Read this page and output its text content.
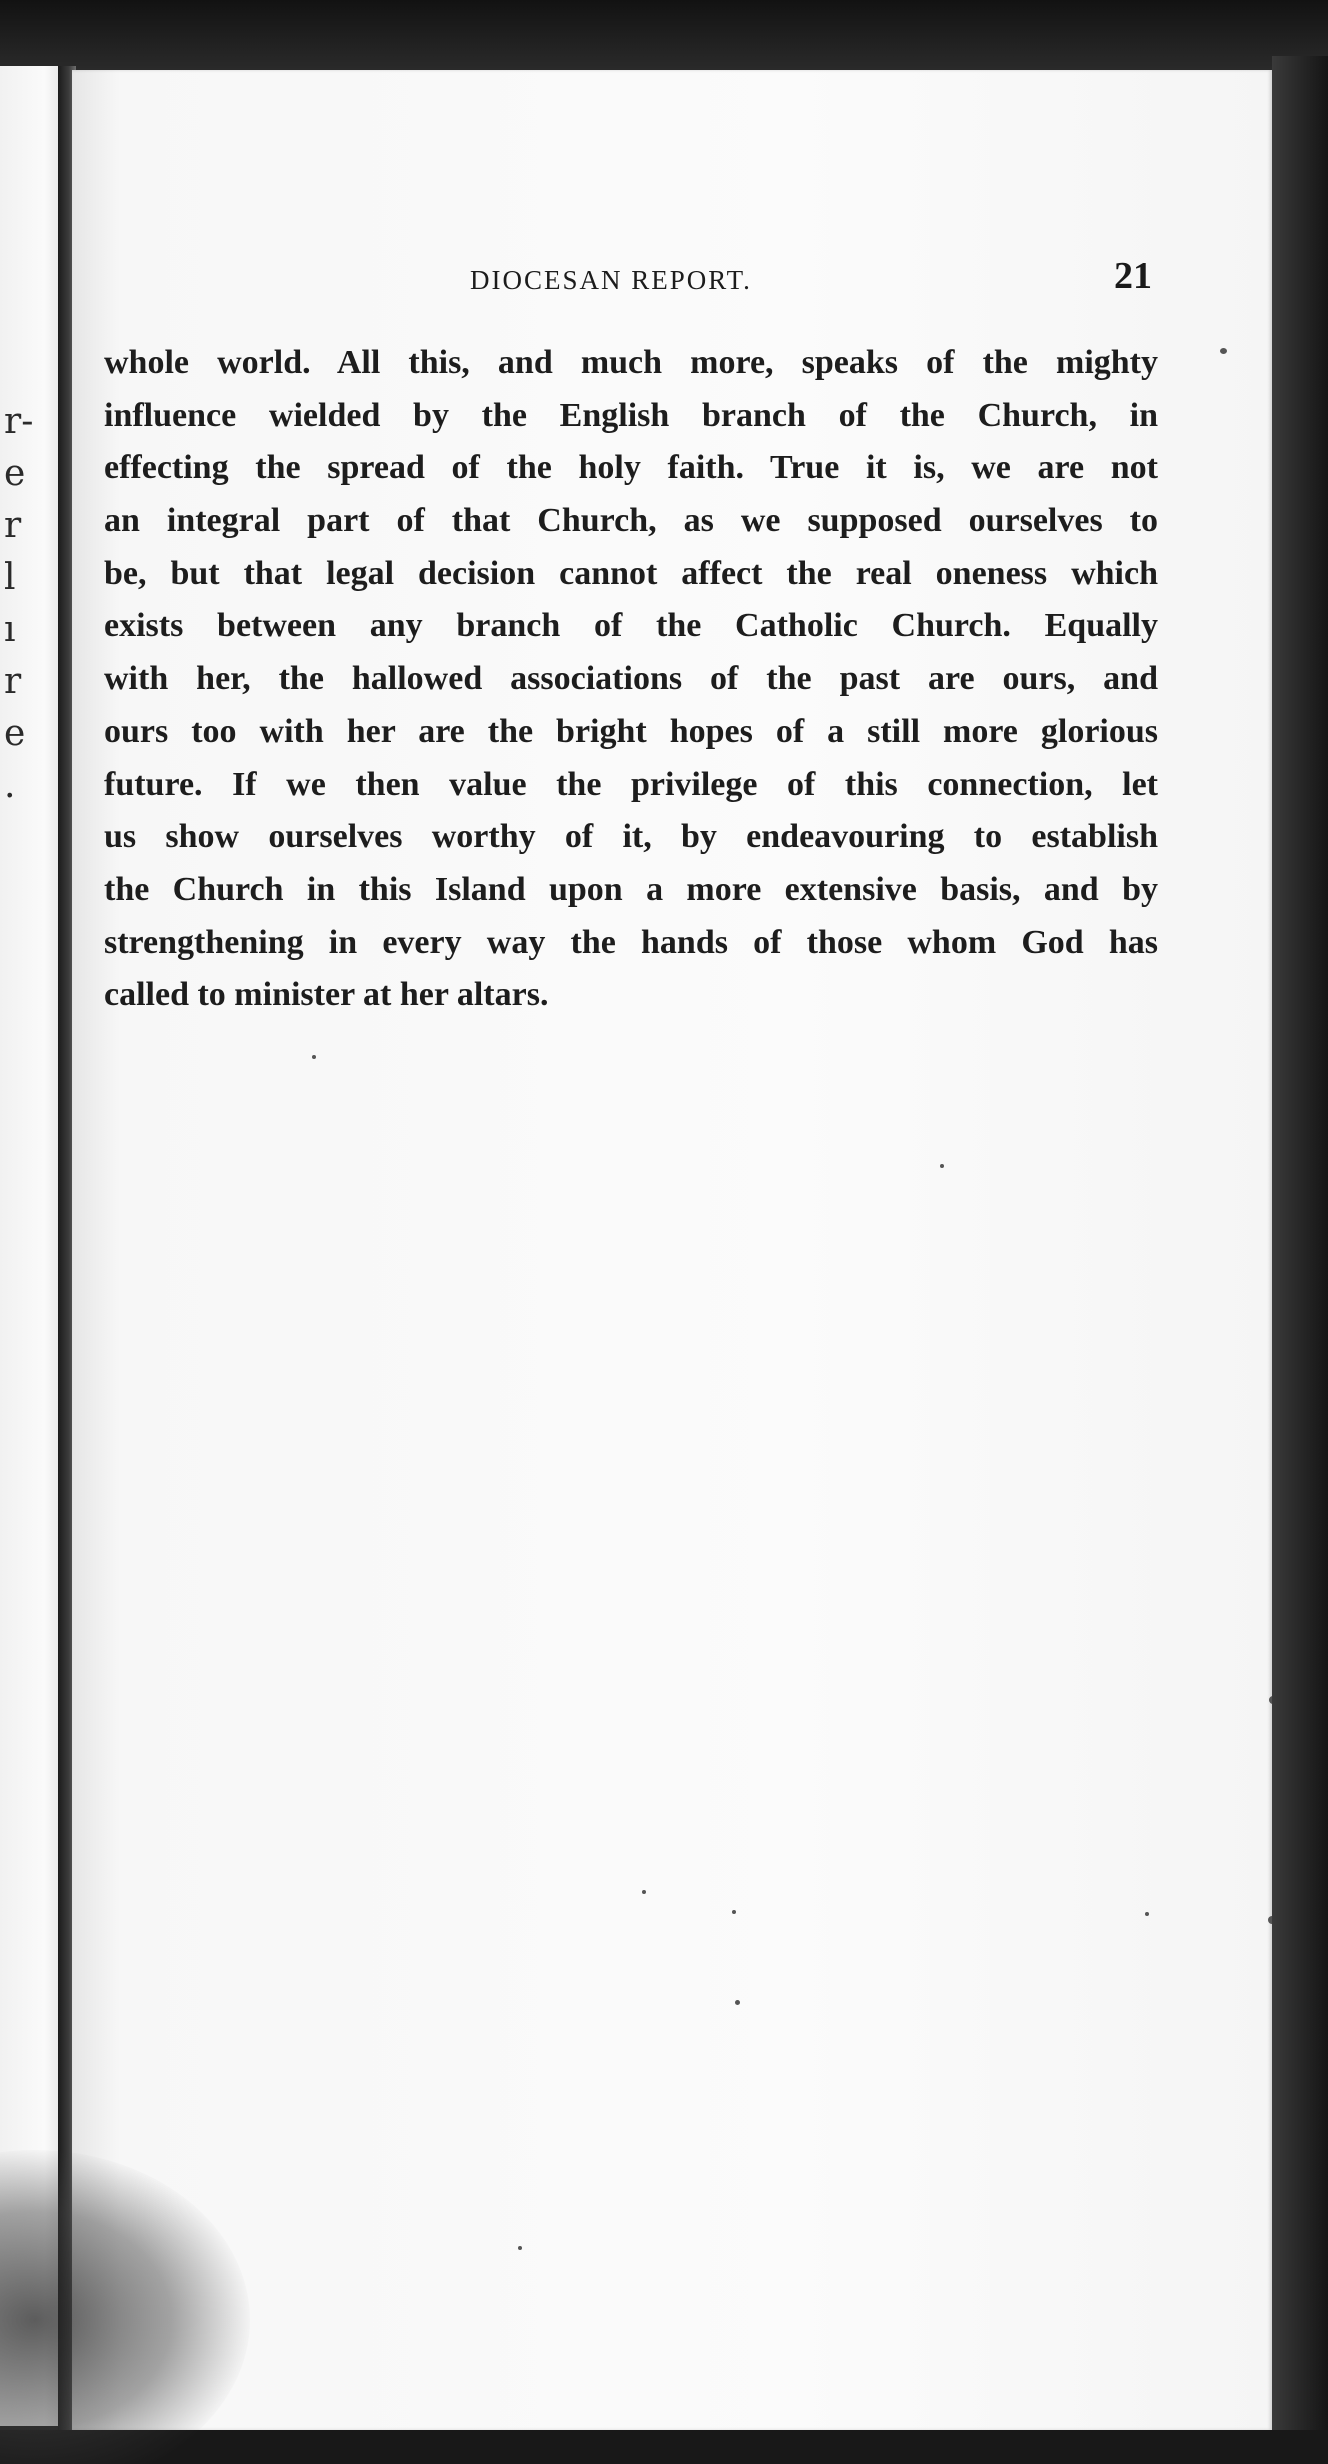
r-
e
r
l
ı
r
e
.
DIOCESAN REPORT.	21
whole world. All this, and much more, speaks of the mighty
influence wielded by the English branch of the Church, in
effecting the spread of the holy faith. True it is, we are not
an integral part of that Church, as we supposed ourselves to
be, but that legal decision cannot affect the real oneness which
exists between any branch of the Catholic Church. Equally
with her, the hallowed associations of the past are ours, and
ours too with her are the bright hopes of a still more glorious
future. If we then value the privilege of this connection, let
us show ourselves worthy of it, by endeavouring to establish
the Church in this Island upon a more extensive basis, and by
strengthening in every way the hands of those whom God has
called to minister at her altars.
